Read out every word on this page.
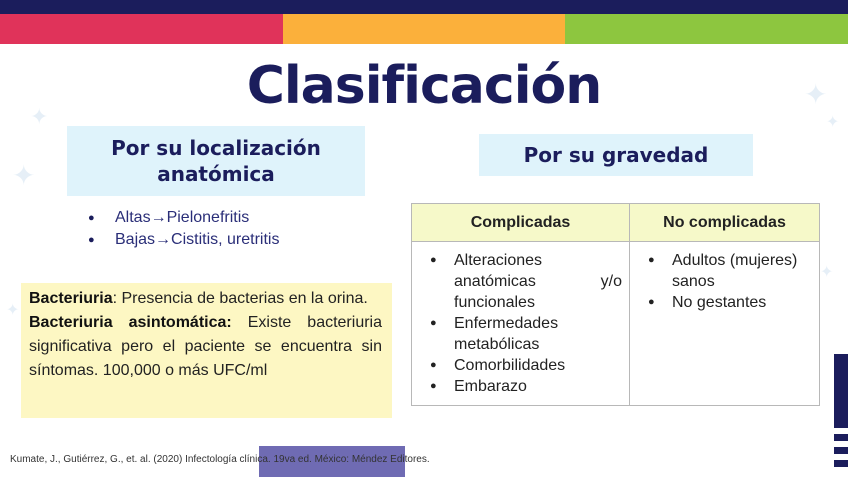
✦
✦
✦
✦
✦
✦
Clasificación
Por su localización anatómica
Por su gravedad
● Altas→Pielonefritis
● Bajas→Cistitis, uretritis
Bacteriuria: Presencia de bacterias en la orina.
Bacteriuria asintomática: Existe bacteriuria significativa pero el paciente se encuentra sin síntomas. 100,000 o más UFC/ml
Complicadas	No complicadas
● Alteraciones anatómicas y/o funcionales
● Enfermedades metabólicas
● Comorbilidades
● Embarazo
● Adultos (mujeres) sanos
● No gestantes
Kumate, J., Gutiérrez, G., et. al. (2020) Infectología clínica. 19va ed. México: Méndez Editores.
